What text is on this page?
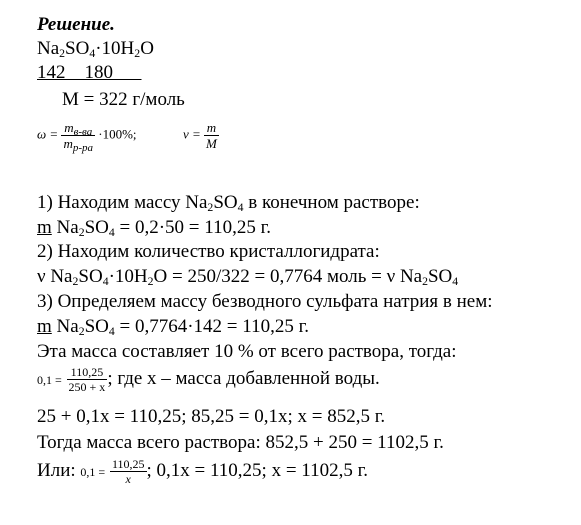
Решение.
$Na_2SO_4\cdot 10H_2O$
142 180
M = 322 г/моль
$\omega = \frac{m_{в-ва}}{m_{р-ра}} \cdot 100\%$;	$\nu = \frac{m}{M}$
1) Находим массу $Na_2SO_4$ в конечном растворе:
m $Na_2SO_4 = 0,2\cdot 50 = 110,25$ г.
2) Находим количество кристаллогидрата:
ν $Na_2SO_4\cdot 10H_2O = 250/322 = 0,7764$ моль = ν $Na_2SO_4$
3) Определяем массу безводного сульфата натрия в нем:
m $Na_2SO_4 = 0,7764\cdot 142 = 110,25$ г.
Эта масса составляет 10 % от всего раствора, тогда:
$0,1 = \frac{110,25}{250 + x}$ ; где x – масса добавленной воды.
25 + 0,1x = 110,25; 85,25 = 0,1x; x = 852,5 г.
Тогда масса всего раствора: 852,5 + 250 = 1102,5 г.
Или: $0,1 = \frac{110,25}{x}$ ; 0,1x = 110,25; x = 1102,5 г.
